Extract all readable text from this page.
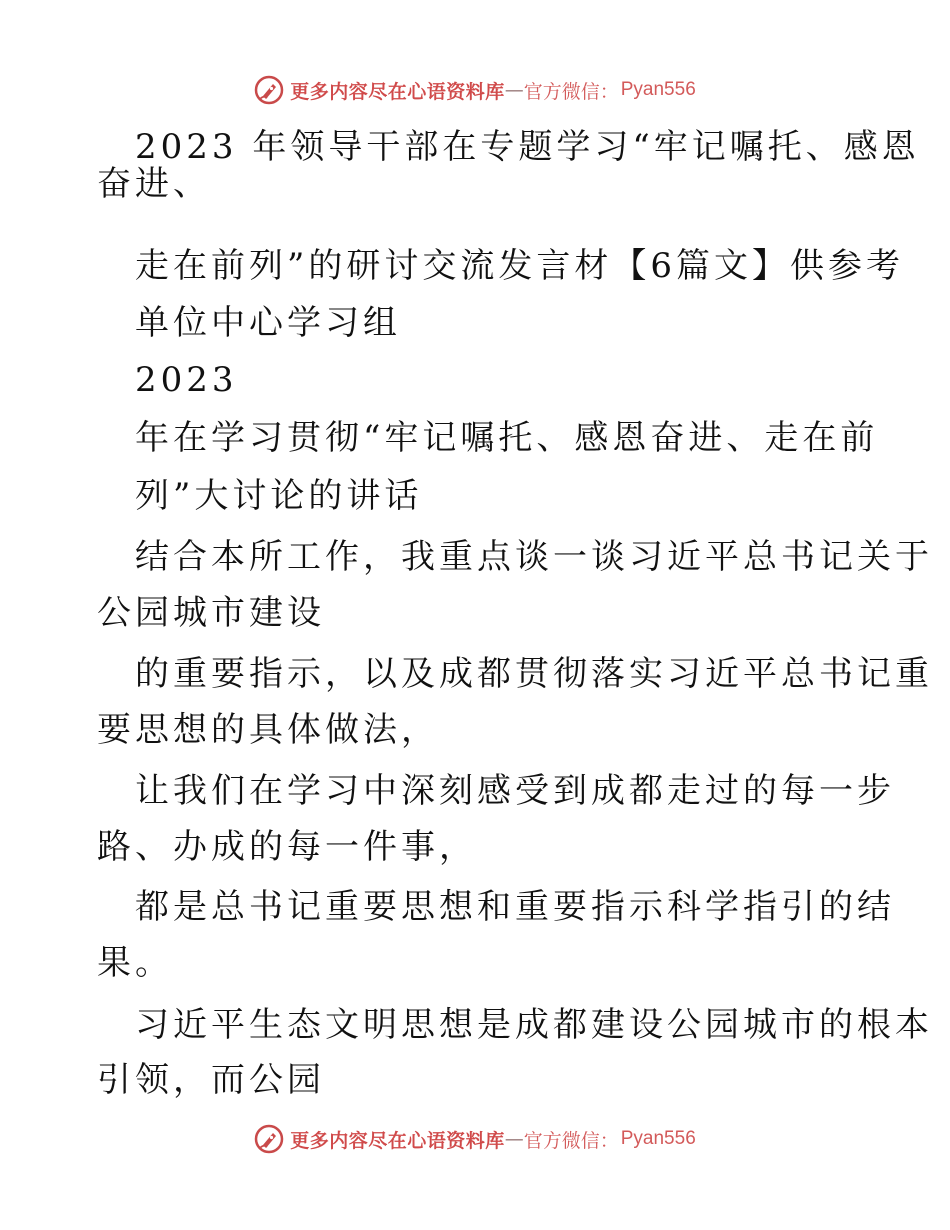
更多内容尽在心语资料库 — 官方微信： Pyan556
2023 年领导干部在专题学习“牢记嘱托、感恩
奋进、
走在前列”的研讨交流发言材【6篇文】供参考
单位中心学习组
2023
年在学习贯彻“牢记嘱托、感恩奋进、走在前
列”大讨论的讲话
结合本所工作，我重点谈一谈习近平总书记关于
公园城市建设
的重要指示，以及成都贯彻落实习近平总书记重
要思想的具体做法，
让我们在学习中深刻感受到成都走过的每一步
路、办成的每一件事，
都是总书记重要思想和重要指示科学指引的结
果。
习近平生态文明思想是成都建设公园城市的根本
引领，而公园
更多内容尽在心语资料库 — 官方微信： Pyan556
